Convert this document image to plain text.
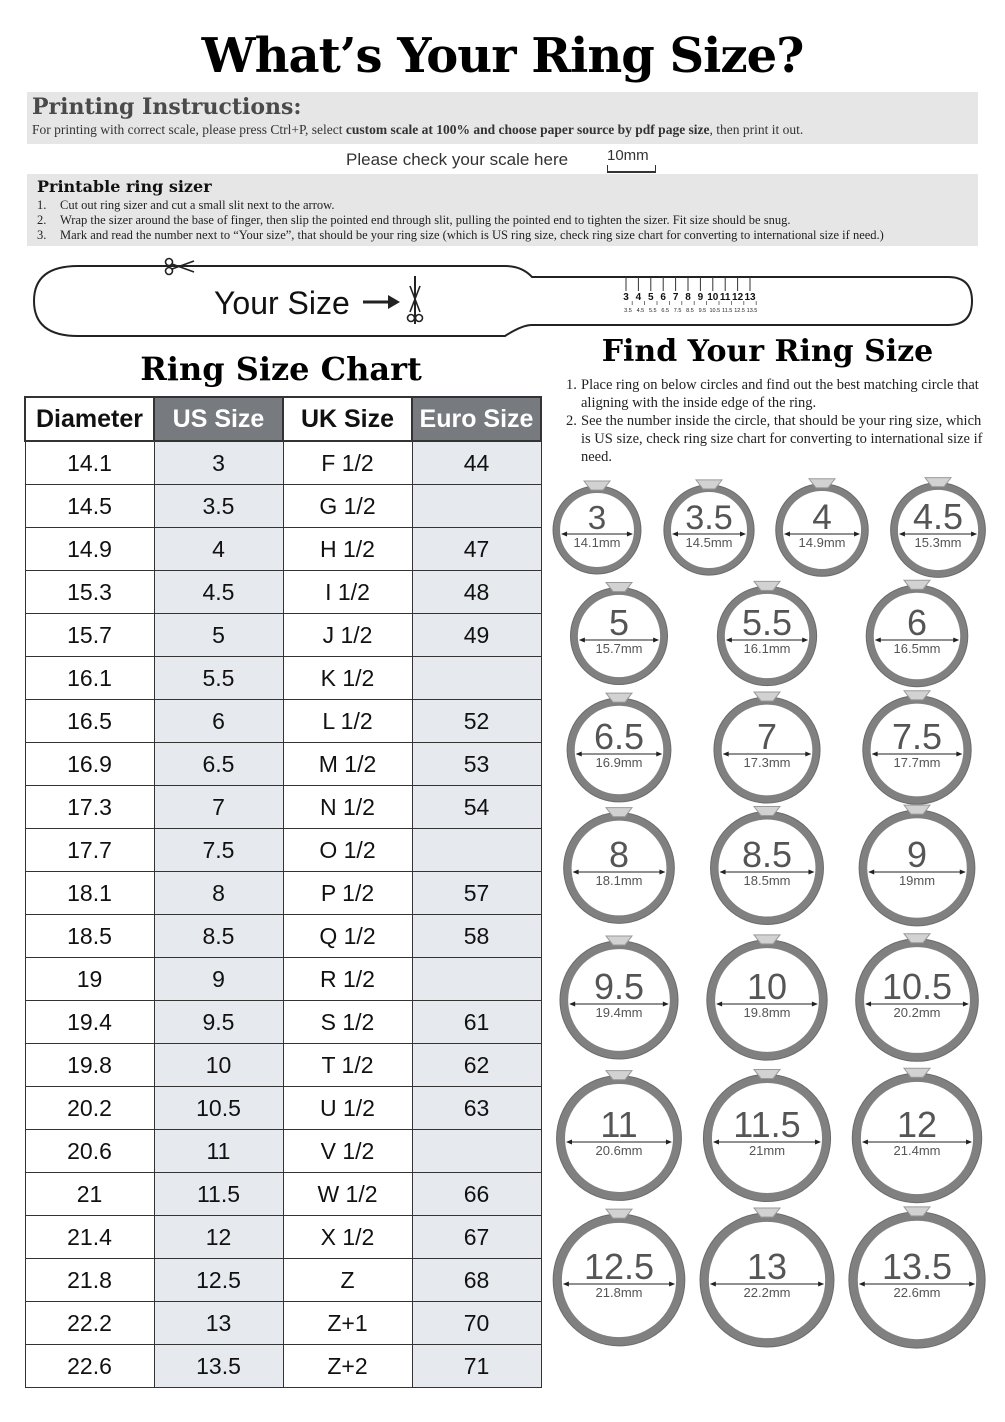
What’s Your Ring Size?
Printing Instructions:
For printing with correct scale, please press Ctrl+P, select custom scale at 100% and choose paper source by pdf page size, then print it out.
Please check your scale here	10mm
Printable ring sizer
1. Cut out ring sizer and cut a small slit next to the arrow.
2. Wrap the sizer around the base of finger, then slip the pointed end through slit, pulling the pointed end to tighten the sizer. Fit size should be snug.
3. Mark and read the number next to “Your size”, that should be your ring size (which is US ring size, check ring size chart for converting to international size if need.)
Your Size	3 4 5 6 7 8 9 10 11 12 13
3.5 4.5 5.5 6.5 7.5 8.5 9.5 10.5 11.5 12.5 13.5
Ring Size Chart
Diameter	US Size	UK Size	Euro Size
14.1	3	F 1/2	44
14.5	3.5	G 1/2	
14.9	4	H 1/2	47
15.3	4.5	I 1/2	48
15.7	5	J 1/2	49
16.1	5.5	K 1/2	
16.5	6	L 1/2	52
16.9	6.5	M 1/2	53
17.3	7	N 1/2	54
17.7	7.5	O 1/2	
18.1	8	P 1/2	57
18.5	8.5	Q 1/2	58
19	9	R 1/2	
19.4	9.5	S 1/2	61
19.8	10	T 1/2	62
20.2	10.5	U 1/2	63
20.6	11	V 1/2	
21	11.5	W 1/2	66
21.4	12	X 1/2	67
21.8	12.5	Z	68
22.2	13	Z+1	70
22.6	13.5	Z+2	71
Find Your Ring Size
1. Place ring on below circles and find out the best matching circle that aligning with the inside edge of the ring.
2. See the number inside the circle, that should be your ring size, which is US size, check ring size chart for converting to international size if need.
3
14.1mm
3.5
14.5mm
4
14.9mm
4.5
15.3mm
5
15.7mm
5.5
16.1mm
6
16.5mm
6.5
16.9mm
7
17.3mm
7.5
17.7mm
8
18.1mm
8.5
18.5mm
9
19mm
9.5
19.4mm
10
19.8mm
10.5
20.2mm
11
20.6mm
11.5
21mm
12
21.4mm
12.5
21.8mm
13
22.2mm
13.5
22.6mm
